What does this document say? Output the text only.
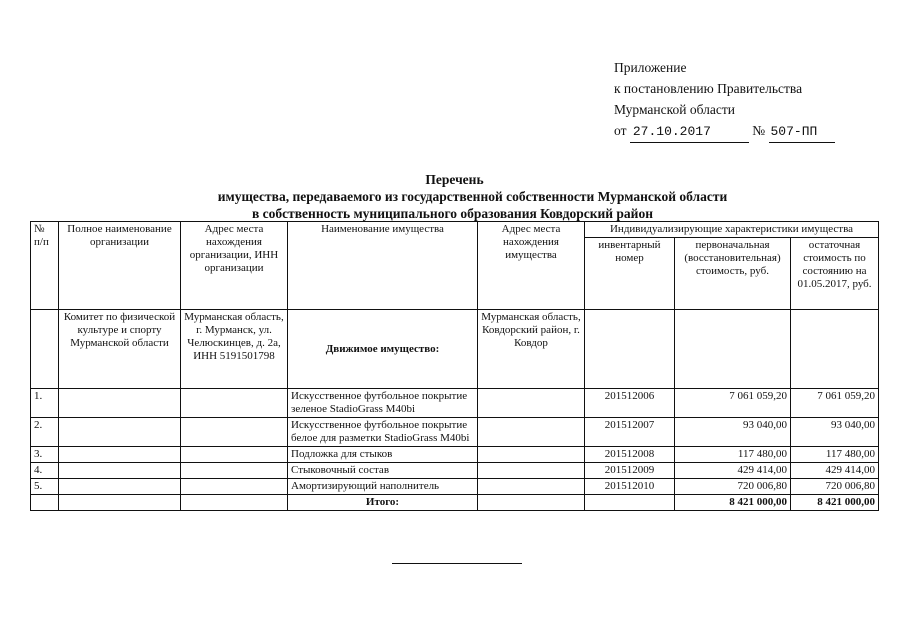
Приложение
к постановлению Правительства
Мурманской области
от 27.10.2017	№ 507-ПП
Перечень
имущества, передаваемого из государственной собственности Мурманской области
в собственность муниципального образования Ковдорский район
№ п/п	Полное наименование организации	Адрес места нахождения организации, ИНН организации	Наименование имущества	Адрес места нахождения имущества	Индивидуализирующие характеристики имущества		
					инвентарный номер	первоначальная (восстановительная) стоимость, руб.	остаточная стоимость по состоянию на 01.05.2017, руб.
	Комитет по физической культуре и спорту Мурманской области	Мурманская область, г. Мурманск, ул. Челюскинцев, д. 2а, ИНН 5191501798	Движимое имущество:	Мурманская область, Ковдорский район, г. Ковдор			
1.			Искусственное футбольное покрытие зеленое StadioGrass M40bi		201512006	7 061 059,20	7 061 059,20
2.			Искусственное футбольное покрытие белое для разметки StadioGrass M40bi		201512007	93 040,00	93 040,00
3.			Подложка для стыков		201512008	117 480,00	117 480,00
4.			Стыковочный состав		201512009	429 414,00	429 414,00
5.			Амортизирующий наполнитель		201512010	720 006,80	720 006,80
			Итого:			8 421 000,00	8 421 000,00
